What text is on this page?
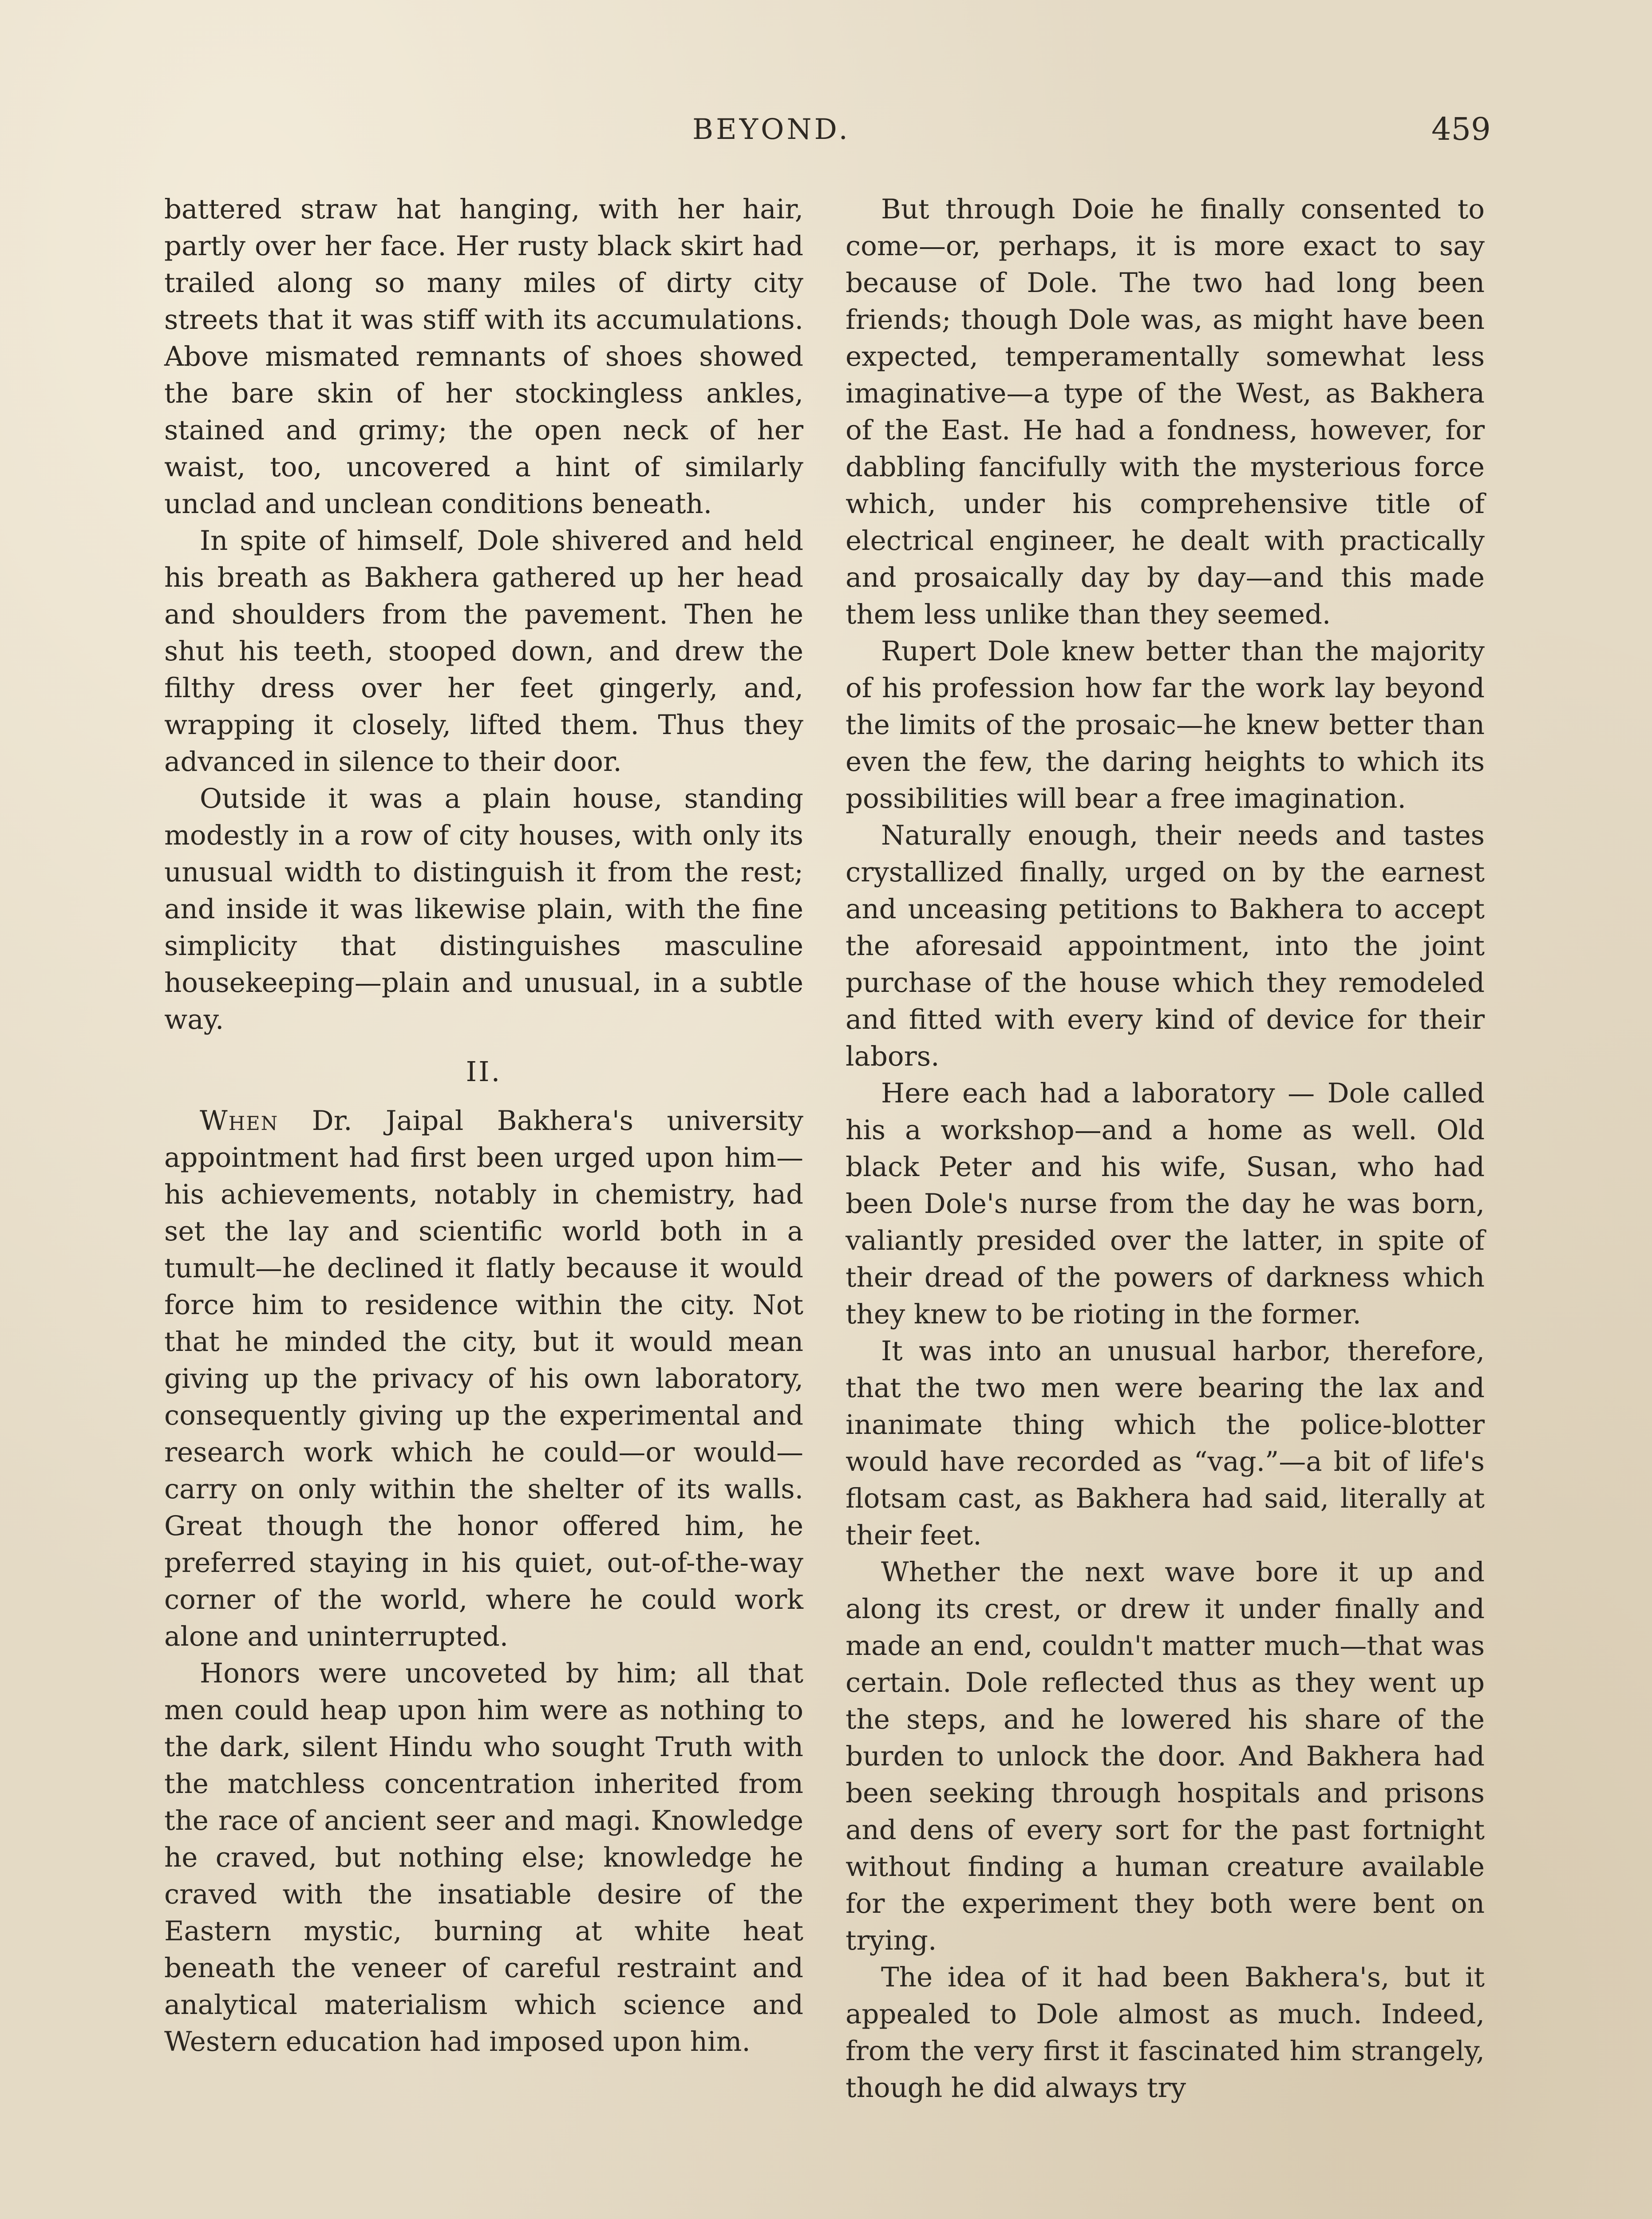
BEYOND.	459

battered straw hat hanging, with her hair, partly over her face. Her rusty black skirt had trailed along so many miles of dirty city streets that it was stiff with its accumulations. Above mismated remnants of shoes showed the bare skin of her stockingless ankles, stained and grimy; the open neck of her waist, too, uncovered a hint of similarly unclad and unclean conditions beneath.

In spite of himself, Dole shivered and held his breath as Bakhera gathered up her head and shoulders from the pavement. Then he shut his teeth, stooped down, and drew the filthy dress over her feet gingerly, and, wrapping it closely, lifted them. Thus they advanced in silence to their door.

Outside it was a plain house, standing modestly in a row of city houses, with only its unusual width to distinguish it from the rest; and inside it was likewise plain, with the fine simplicity that distinguishes masculine housekeeping—plain and unusual, in a subtle way.

II.

When Dr. Jaipal Bakhera's university appointment had first been urged upon him—his achievements, notably in chemistry, had set the lay and scientific world both in a tumult—he declined it flatly because it would force him to residence within the city. Not that he minded the city, but it would mean giving up the privacy of his own laboratory, consequently giving up the experimental and research work which he could—or would—carry on only within the shelter of its walls. Great though the honor offered him, he preferred staying in his quiet, out-of-the-way corner of the world, where he could work alone and uninterrupted.

Honors were uncoveted by him; all that men could heap upon him were as nothing to the dark, silent Hindu who sought Truth with the matchless concentration inherited from the race of ancient seer and magi. Knowledge he craved, but nothing else; knowledge he craved with the insatiable desire of the Eastern mystic, burning at white heat beneath the veneer of careful restraint and analytical materialism which science and Western education had imposed upon him.

But through Doie he finally consented to come—or, perhaps, it is more exact to say because of Dole. The two had long been friends; though Dole was, as might have been expected, temperamentally somewhat less imaginative—a type of the West, as Bakhera of the East. He had a fondness, however, for dabbling fancifully with the mysterious force which, under his comprehensive title of electrical engineer, he dealt with practically and prosaically day by day—and this made them less unlike than they seemed.

Rupert Dole knew better than the majority of his profession how far the work lay beyond the limits of the prosaic—he knew better than even the few, the daring heights to which its possibilities will bear a free imagination.

Naturally enough, their needs and tastes crystallized finally, urged on by the earnest and unceasing petitions to Bakhera to accept the aforesaid appointment, into the joint purchase of the house which they remodeled and fitted with every kind of device for their labors.

Here each had a laboratory — Dole called his a workshop—and a home as well. Old black Peter and his wife, Susan, who had been Dole's nurse from the day he was born, valiantly presided over the latter, in spite of their dread of the powers of darkness which they knew to be rioting in the former.

It was into an unusual harbor, therefore, that the two men were bearing the lax and inanimate thing which the police-blotter would have recorded as “vag.”—a bit of life's flotsam cast, as Bakhera had said, literally at their feet.

Whether the next wave bore it up and along its crest, or drew it under finally and made an end, couldn't matter much—that was certain. Dole reflected thus as they went up the steps, and he lowered his share of the burden to unlock the door. And Bakhera had been seeking through hospitals and prisons and dens of every sort for the past fortnight without finding a human creature available for the experiment they both were bent on trying.

The idea of it had been Bakhera's, but it appealed to Dole almost as much. Indeed, from the very first it fascinated him strangely, though he did always try
